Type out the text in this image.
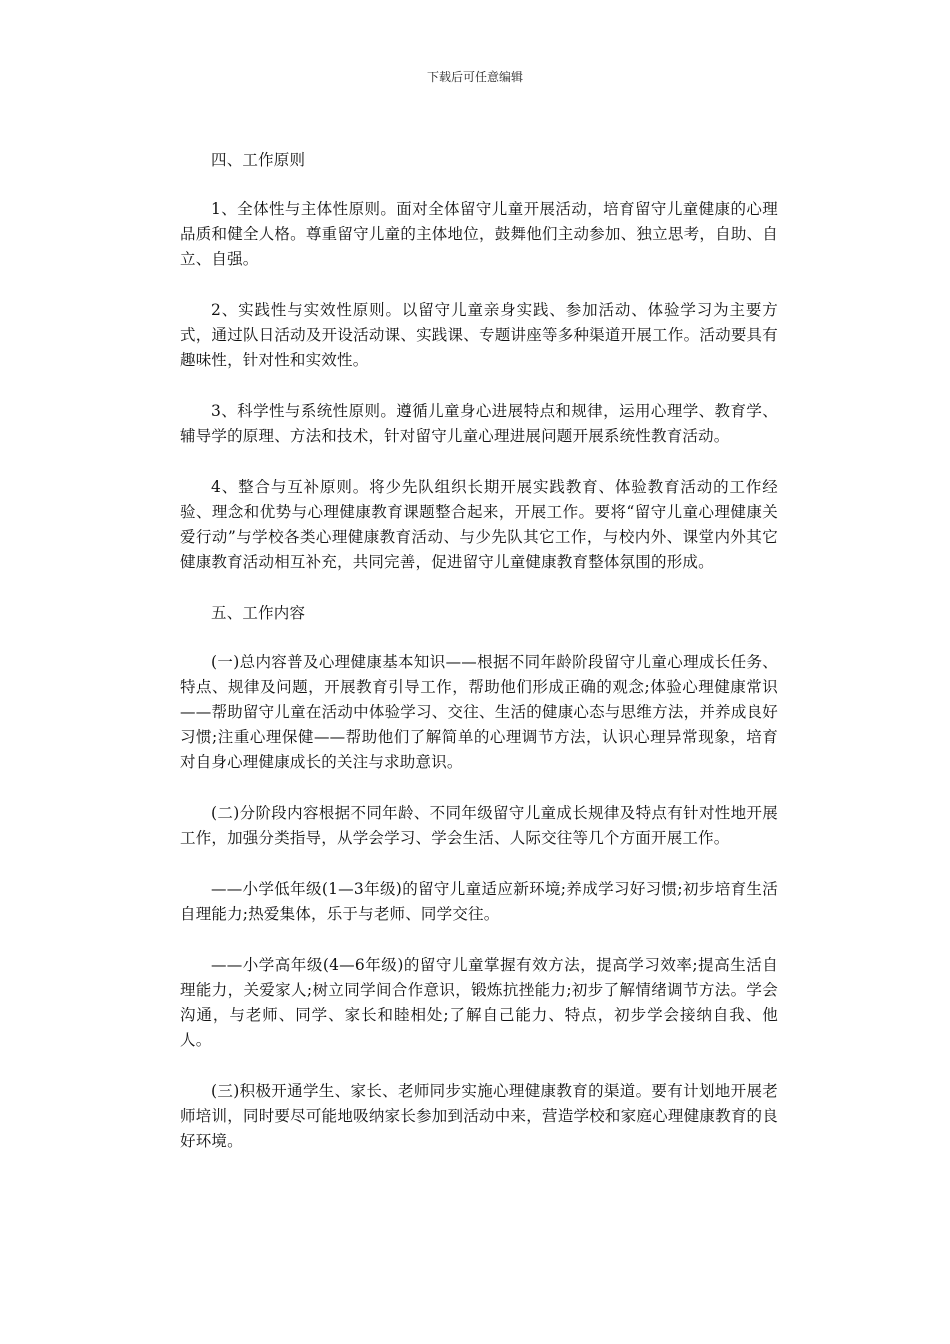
下载后可任意编辑

四、工作原则

1、全体性与主体性原则。面对全体留守儿童开展活动，培育留守儿童健康的心理品质和健全人格。尊重留守儿童的主体地位，鼓舞他们主动参加、独立思考，自助、自立、自强。

2、实践性与实效性原则。以留守儿童亲身实践、参加活动、体验学习为主要方式，通过队日活动及开设活动课、实践课、专题讲座等多种渠道开展工作。活动要具有趣味性，针对性和实效性。

3、科学性与系统性原则。遵循儿童身心进展特点和规律，运用心理学、教育学、辅导学的原理、方法和技术，针对留守儿童心理进展问题开展系统性教育活动。

4、整合与互补原则。将少先队组织长期开展实践教育、体验教育活动的工作经验、理念和优势与心理健康教育课题整合起来，开展工作。要将“留守儿童心理健康关爱行动”与学校各类心理健康教育活动、与少先队其它工作，与校内外、课堂内外其它健康教育活动相互补充，共同完善，促进留守儿童健康教育整体氛围的形成。

五、工作内容

(一)总内容普及心理健康基本知识——根据不同年龄阶段留守儿童心理成长任务、特点、规律及问题，开展教育引导工作，帮助他们形成正确的观念;体验心理健康常识——帮助留守儿童在活动中体验学习、交往、生活的健康心态与思维方法，并养成良好习惯;注重心理保健——帮助他们了解简单的心理调节方法，认识心理异常现象，培育对自身心理健康成长的关注与求助意识。

(二)分阶段内容根据不同年龄、不同年级留守儿童成长规律及特点有针对性地开展工作，加强分类指导，从学会学习、学会生活、人际交往等几个方面开展工作。

——小学低年级(1—3年级)的留守儿童适应新环境;养成学习好习惯;初步培育生活自理能力;热爱集体，乐于与老师、同学交往。

——小学高年级(4—6年级)的留守儿童掌握有效方法，提高学习效率;提高生活自理能力，关爱家人;树立同学间合作意识，锻炼抗挫能力;初步了解情绪调节方法。学会沟通，与老师、同学、家长和睦相处;了解自己能力、特点，初步学会接纳自我、他人。

(三)积极开通学生、家长、老师同步实施心理健康教育的渠道。要有计划地开展老师培训，同时要尽可能地吸纳家长参加到活动中来，营造学校和家庭心理健康教育的良好环境。
